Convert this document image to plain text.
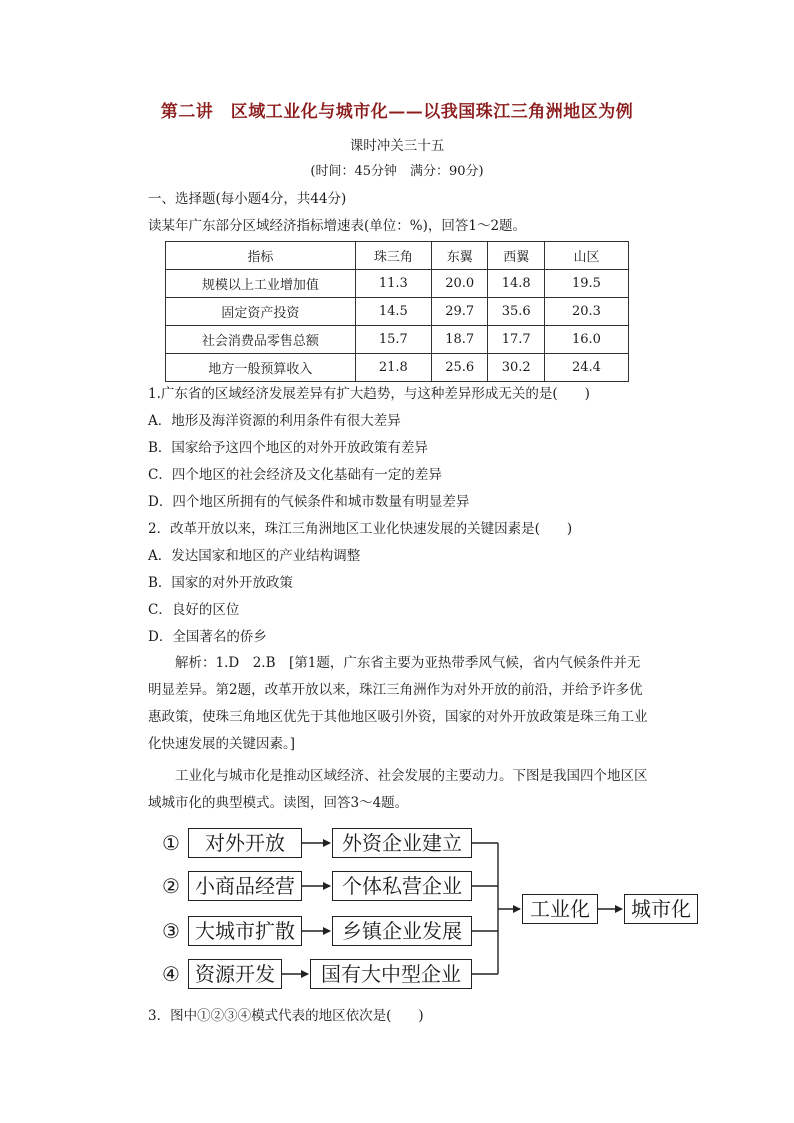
第二讲　区域工业化与城市化——以我国珠江三角洲地区为例
课时冲关三十五
(时间：45分钟　满分：90分)
一、选择题(每小题4分，共44分)
读某年广东部分区域经济指标增速表(单位：%)，回答1～2题。
指标	珠三角	东翼	西翼	山区
规模以上工业增加值	11.3	20.0	14.8	19.5
固定资产投资	14.5	29.7	35.6	20.3
社会消费品零售总额	15.7	18.7	17.7	16.0
地方一般预算收入	21.8	25.6	30.2	24.4
1.广东省的区域经济发展差异有扩大趋势，与这种差异形成无关的是(　　)
A．地形及海洋资源的利用条件有很大差异
B．国家给予这四个地区的对外开放政策有差异
C．四个地区的社会经济及文化基础有一定的差异
D．四个地区所拥有的气候条件和城市数量有明显差异
2．改革开放以来，珠江三角洲地区工业化快速发展的关键因素是(　　)
A．发达国家和地区的产业结构调整
B．国家的对外开放政策
C．良好的区位
D．全国著名的侨乡
解析：1.D　2.B　[第1题，广东省主要为亚热带季风气候，省内气候条件并无明显差异。第2题，改革开放以来，珠江三角洲作为对外开放的前沿，并给予许多优惠政策，使珠三角地区优先于其他地区吸引外资，国家的对外开放政策是珠三角工业化快速发展的关键因素。]
工业化与城市化是推动区域经济、社会发展的主要动力。下图是我国四个地区区域城市化的典型模式。读图，回答3～4题。
①	对外开放	外资企业建立
② 小商品经营	个体私营企业
③ 大城市扩散	乡镇企业发展
④ 资源开发	国有大中型企业
工业化	城市化
3．图中①②③④模式代表的地区依次是(　　)
